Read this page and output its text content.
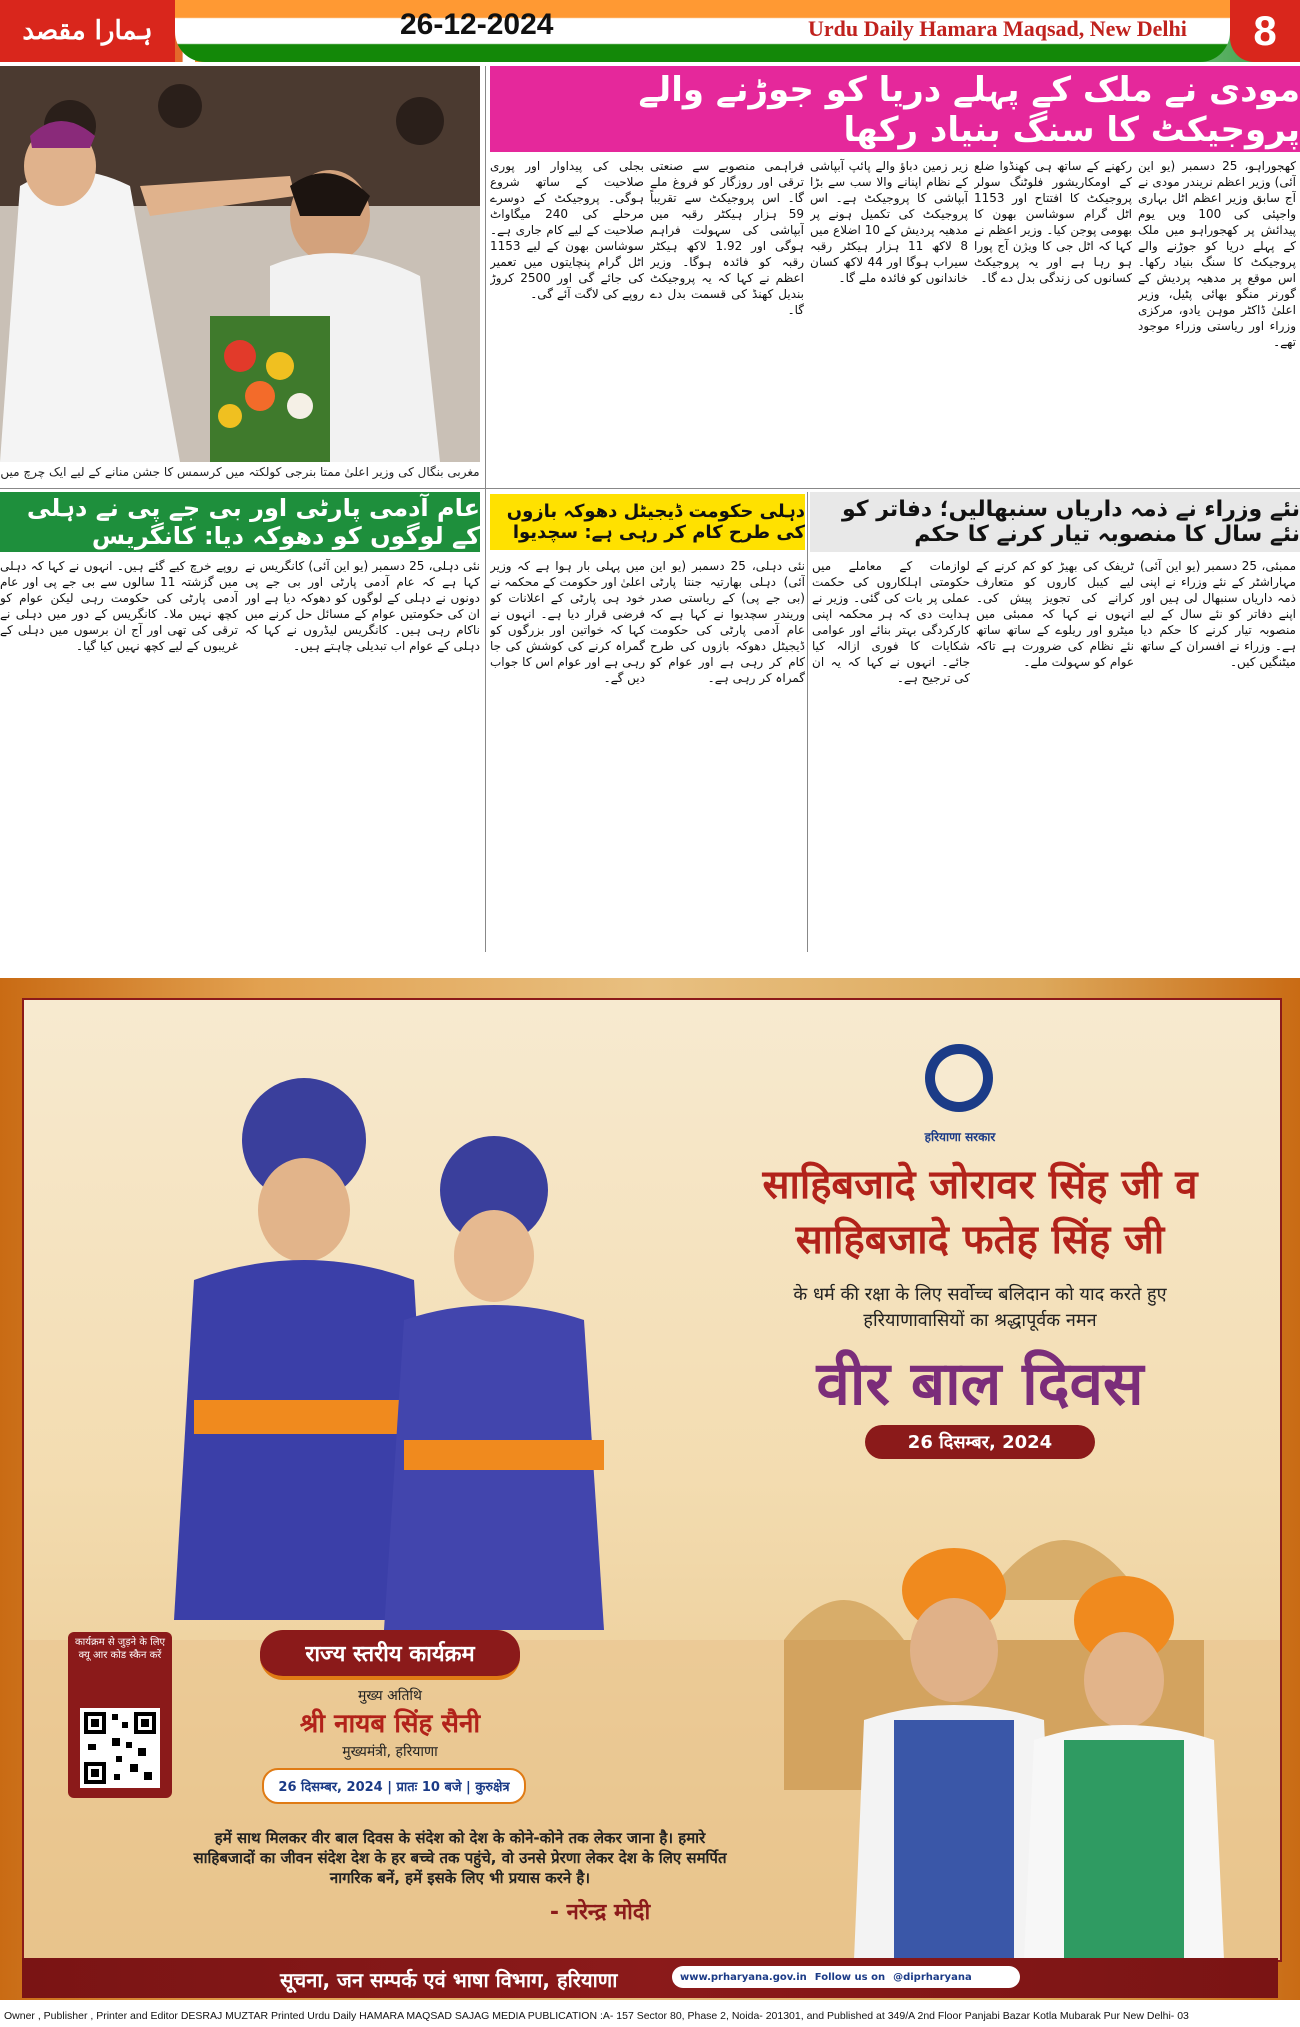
ہمارا مقصد	26-12-2024	Urdu Daily Hamara Maqsad, New Delhi	8
مغربی بنگال کی وزیر اعلیٰ ممتا بنرجی کولکتہ میں کرسمس کا جشن منانے کے لیے ایک چرچ میں
مودی نے ملک کے پہلے دریا کو جوڑنے والے پروجیکٹ کا سنگ بنیاد رکھا
کھجوراہو، 25 دسمبر (یو این آئی) وزیر اعظم نریندر مودی نے آج سابق وزیر اعظم اٹل بہاری واجپئی کی 100 ویں یوم پیدائش پر کھجوراہو میں ملک کے پہلے دریا کو جوڑنے والے پروجیکٹ کا سنگ بنیاد رکھا۔ اس موقع پر مدھیہ پردیش کے گورنر منگو بھائی پٹیل، وزیر اعلیٰ ڈاکٹر موہن یادو، مرکزی وزراء اور ریاستی وزراء موجود تھے۔
رکھنے کے ساتھ ہی کھنڈوا ضلع کے اومکاریشور فلوٹنگ سولر پروجیکٹ کا افتتاح اور 1153 اٹل گرام سوشاسن بھون کا بھومی پوجن کیا۔ وزیر اعظم نے کہا کہ اٹل جی کا ویژن آج پورا ہو رہا ہے اور یہ پروجیکٹ کسانوں کی زندگی بدل دے گا۔
زیر زمین دباؤ والے پائپ آبپاشی کے نظام اپنانے والا سب سے بڑا آبپاشی کا پروجیکٹ ہے۔ اس پروجیکٹ کی تکمیل ہونے پر مدھیہ پردیش کے 10 اضلاع میں 8 لاکھ 11 ہزار ہیکٹر رقبہ سیراب ہوگا اور 44 لاکھ کسان خاندانوں کو فائدہ ملے گا۔
فراہمی منصوبے سے صنعتی ترقی اور روزگار کو فروغ ملے گا۔ اس پروجیکٹ سے تقریباً 59 ہزار ہیکٹر رقبہ میں آبپاشی کی سہولت فراہم ہوگی اور 1.92 لاکھ ہیکٹر رقبہ کو فائدہ ہوگا۔ وزیر اعظم نے کہا کہ یہ پروجیکٹ بندیل کھنڈ کی قسمت بدل دے گا۔
بجلی کی پیداوار اور پوری صلاحیت کے ساتھ شروع ہوگی۔ پروجیکٹ کے دوسرے مرحلے کی 240 میگاواٹ صلاحیت کے لیے کام جاری ہے۔ سوشاسن بھون کے لیے 1153 اٹل گرام پنچایتوں میں تعمیر کی جائے گی اور 2500 کروڑ روپے کی لاگت آئے گی۔
عام آدمی پارٹی اور بی جے پی نے دہلی کے لوگوں کو دھوکہ دیا: کانگریس
دہلی حکومت ڈیجیٹل دھوکہ بازوں کی طرح کام کر رہی ہے: سچدیوا
نئے وزراء نے ذمہ داریاں سنبھالیں؛ دفاتر کو نئے سال کا منصوبہ تیار کرنے کا حکم
نئی دہلی، 25 دسمبر (یو این آئی) کانگریس نے کہا ہے کہ عام آدمی پارٹی اور بی جے پی دونوں نے دہلی کے لوگوں کو دھوکہ دیا ہے اور ان کی حکومتیں عوام کے مسائل حل کرنے میں ناکام رہی ہیں۔ کانگریس لیڈروں نے کہا کہ دہلی کے عوام اب تبدیلی چاہتے ہیں۔
روپے خرچ کیے گئے ہیں۔ انہوں نے کہا کہ دہلی میں گزشتہ 11 سالوں سے بی جے پی اور عام آدمی پارٹی کی حکومت رہی لیکن عوام کو کچھ نہیں ملا۔ کانگریس کے دور میں دہلی نے ترقی کی تھی اور آج ان برسوں میں دہلی کے غریبوں کے لیے کچھ نہیں کیا گیا۔
نئی دہلی، 25 دسمبر (یو این آئی) دہلی بھارتیہ جنتا پارٹی (بی جے پی) کے ریاستی صدر وریندر سچدیوا نے کہا ہے کہ عام آدمی پارٹی کی حکومت ڈیجیٹل دھوکہ بازوں کی طرح کام کر رہی ہے اور عوام کو گمراہ کر رہی ہے۔
میں پہلی بار ہوا ہے کہ وزیر اعلیٰ اور حکومت کے محکمہ نے خود ہی پارٹی کے اعلانات کو فرضی قرار دیا ہے۔ انہوں نے کہا کہ خواتین اور بزرگوں کو گمراہ کرنے کی کوشش کی جا رہی ہے اور عوام اس کا جواب دیں گے۔
ممبئی، 25 دسمبر (یو این آئی) مہاراشٹر کے نئے وزراء نے اپنی ذمہ داریاں سنبھال لی ہیں اور اپنے دفاتر کو نئے سال کے لیے منصوبہ تیار کرنے کا حکم دیا ہے۔ وزراء نے افسران کے ساتھ میٹنگیں کیں۔
ٹریفک کی بھیڑ کو کم کرنے کے لیے کیبل کاروں کو متعارف کرانے کی تجویز پیش کی۔ انہوں نے کہا کہ ممبئی میں میٹرو اور ریلوے کے ساتھ ساتھ نئے نظام کی ضرورت ہے تاکہ عوام کو سہولت ملے۔
لوازمات کے معاملے میں حکومتی اہلکاروں کی حکمت عملی پر بات کی گئی۔ وزیر نے ہدایت دی کہ ہر محکمہ اپنی کارکردگی بہتر بنائے اور عوامی شکایات کا فوری ازالہ کیا جائے۔ انہوں نے کہا کہ یہ ان کی ترجیح ہے۔
हरियाणा सरकार
साहिबजादे जोरावर सिंह जी व
साहिबजादे फतेह सिंह जी
के धर्म की रक्षा के लिए सर्वोच्च बलिदान को याद करते हुए
हरियाणावासियों का श्रद्धापूर्वक नमन
वीर बाल दिवस
26 दिसम्बर, 2024
राज्य स्तरीय कार्यक्रम
मुख्य अतिथि
श्री नायब सिंह सैनी
मुख्यमंत्री, हरियाणा
26 दिसम्बर, 2024 | प्रातः 10 बजे | कुरुक्षेत्र
कार्यक्रम से जुड़ने के लिए क्यू आर कोड स्कैन करें
हमें साथ मिलकर वीर बाल दिवस के संदेश को देश के कोने-कोने तक लेकर जाना है। हमारे साहिबजादों का जीवन संदेश देश के हर बच्चे तक पहुंचे, वो उनसे प्रेरणा लेकर देश के लिए समर्पित नागरिक बनें, हमें इसके लिए भी प्रयास करने है।
- नरेन्द्र मोदी
सूचना, जन सम्पर्क एवं भाषा विभाग, हरियाणा	www.prharyana.gov.in Follow us on @diprharyana
Owner , Publisher , Printer and Editor DESRAJ MUZTAR Printed Urdu Daily HAMARA MAQSAD SAJAG MEDIA PUBLICATION :A- 157 Sector 80, Phase 2, Noida- 201301, and Published at 349/A 2nd Floor Panjabi Bazar Kotla Mubarak Pur New Delhi- 03
